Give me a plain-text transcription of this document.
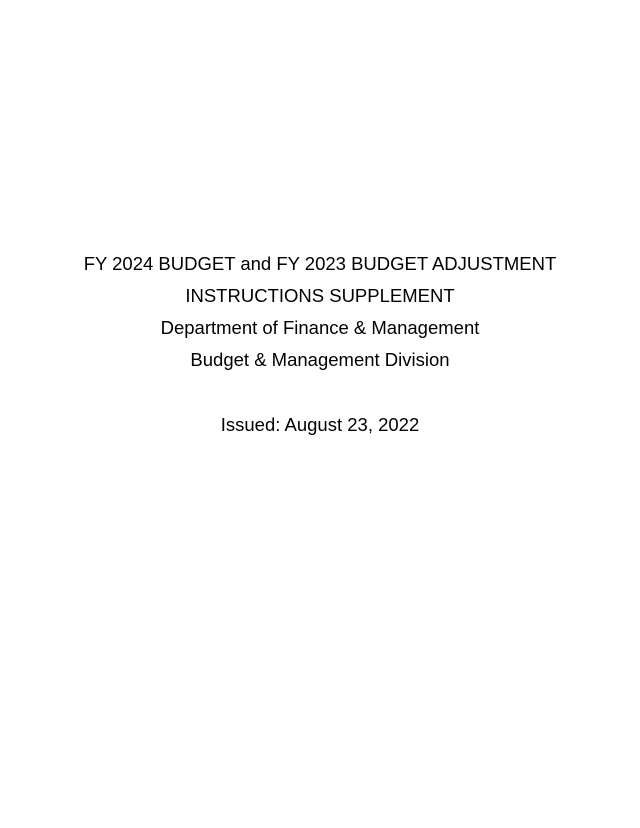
FY 2024 BUDGET and FY 2023 BUDGET ADJUSTMENT
INSTRUCTIONS SUPPLEMENT
Department of Finance & Management
Budget & Management Division
Issued: August 23, 2022
